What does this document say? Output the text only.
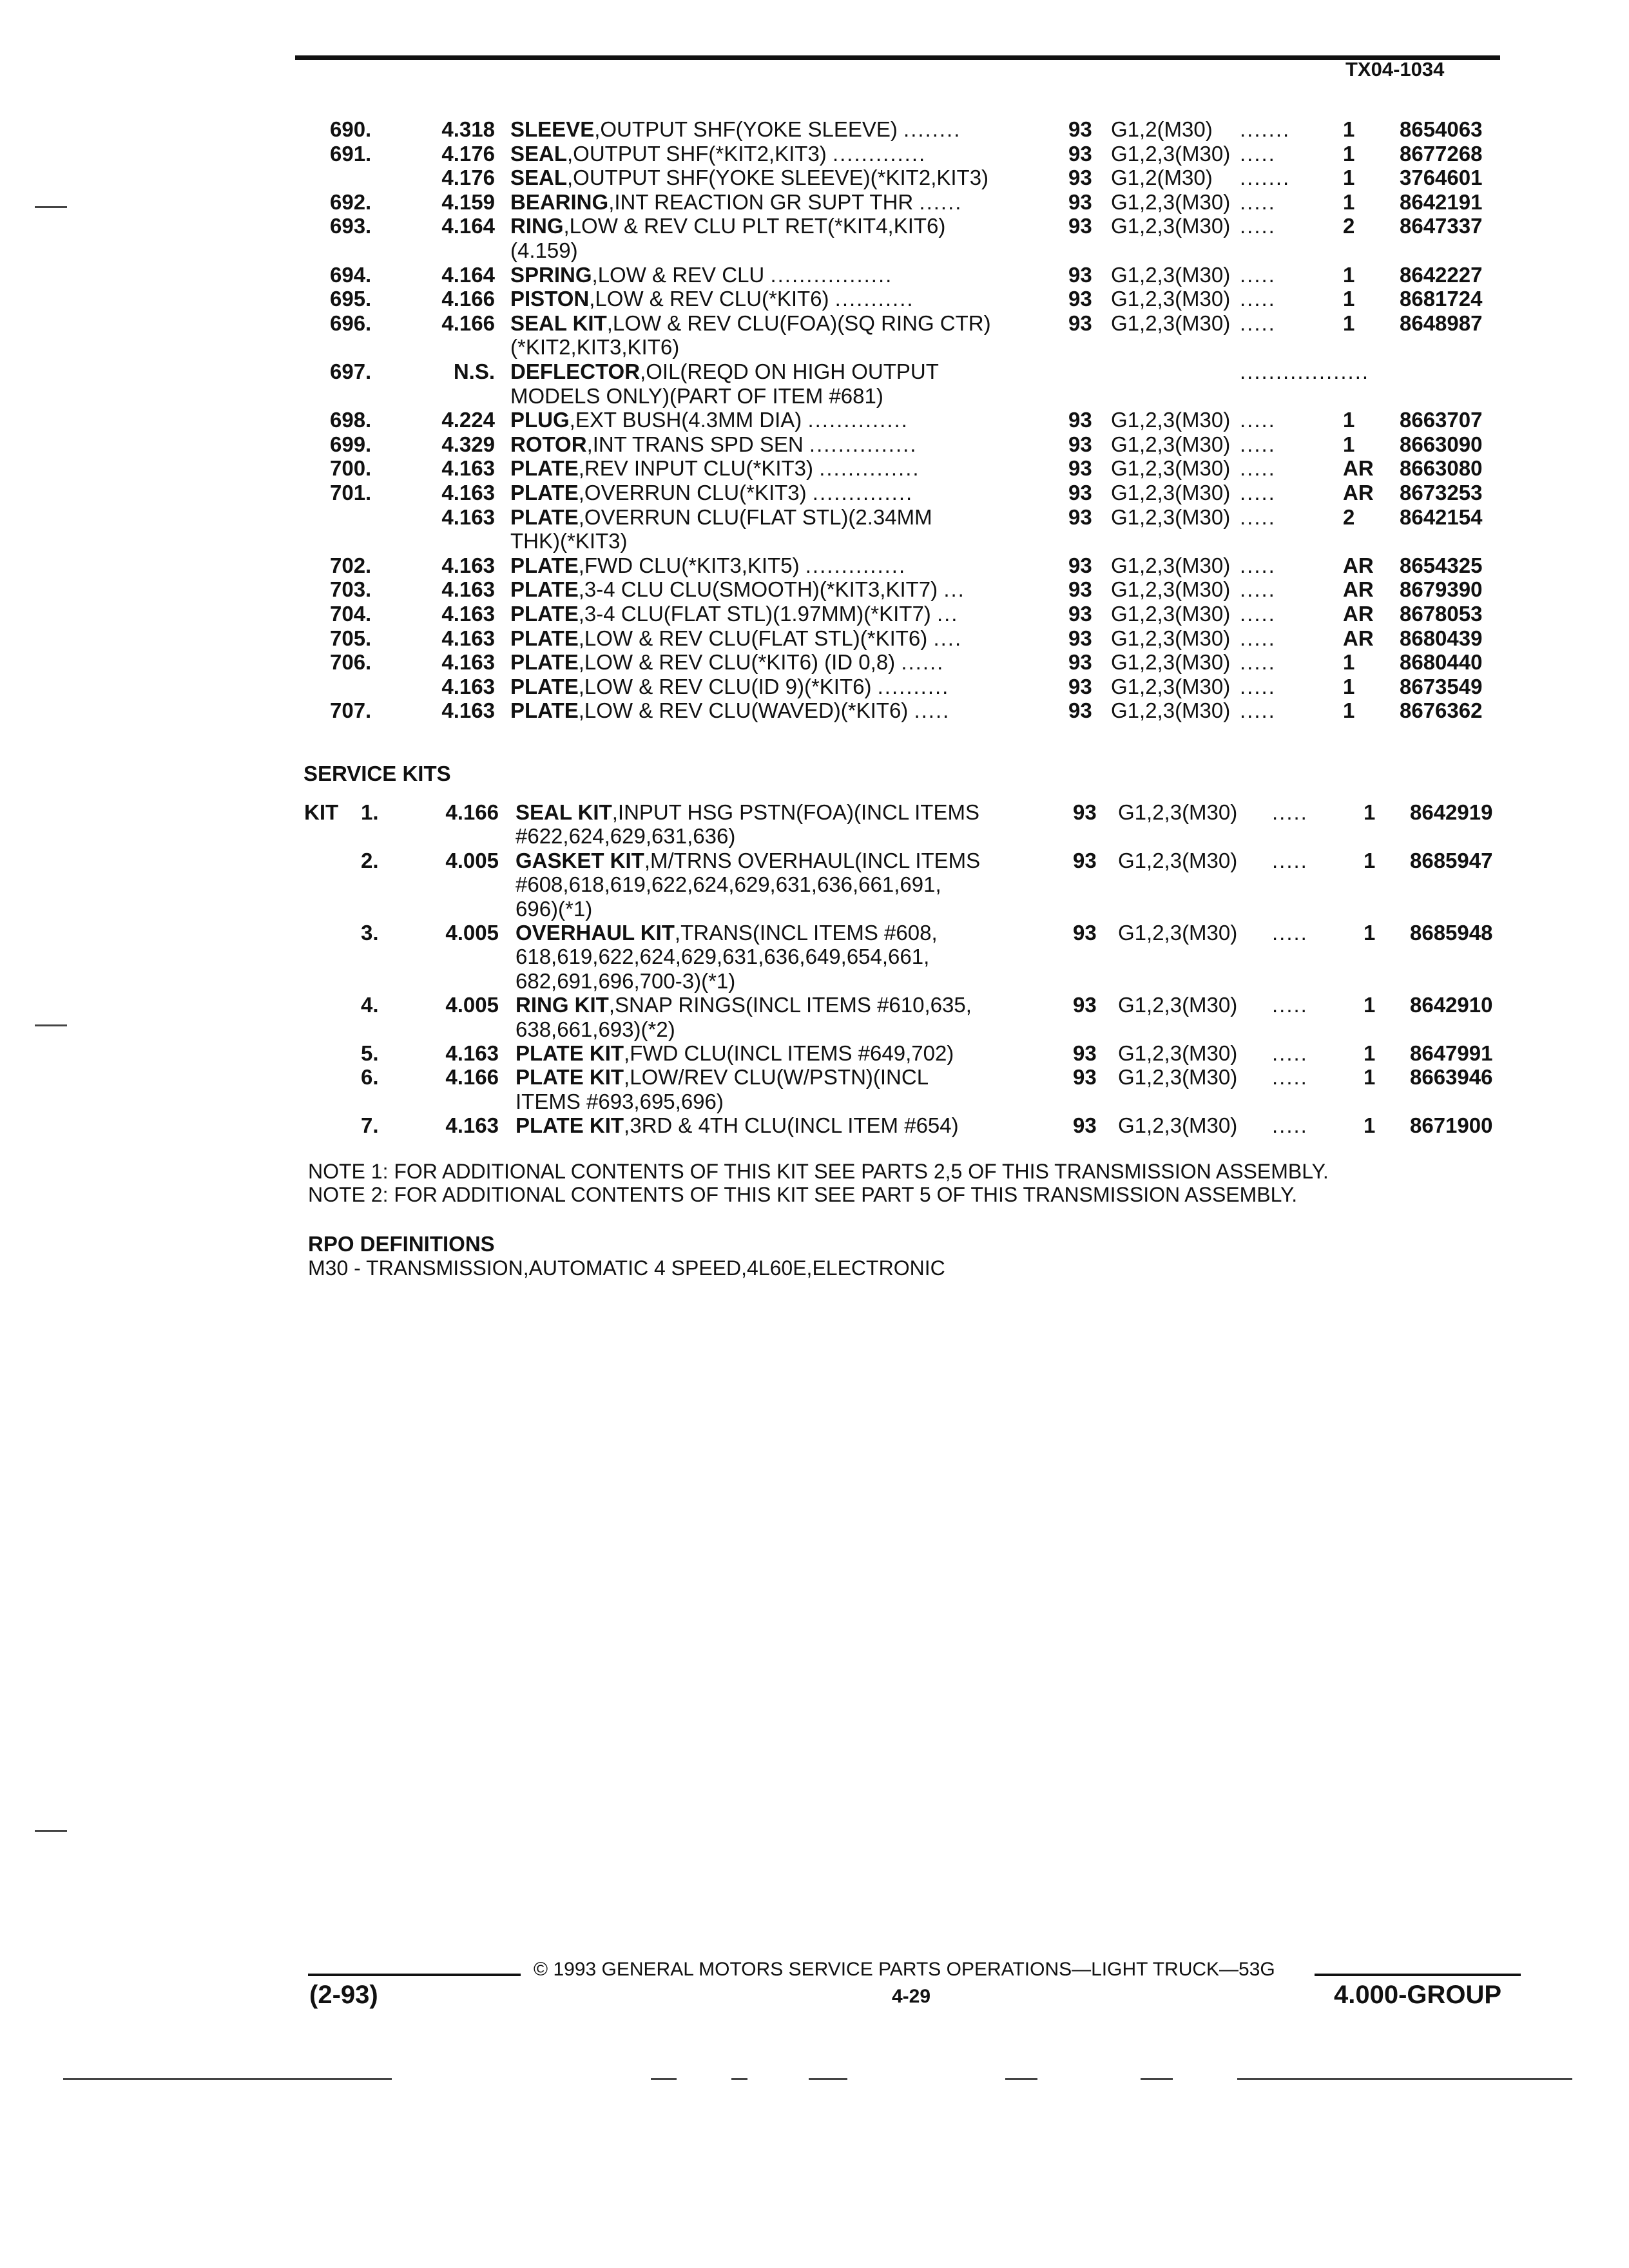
TX04-1034
690.	4.318 SLEEVE,OUTPUT SHF(YOKE SLEEVE) ........	93 G1,2(M30) ....... 1 8654063
691.	4.176 SEAL,OUTPUT SHF(*KIT2,KIT3) .............	93 G1,2,3(M30) .....	1 8677268
4.176 SEAL,OUTPUT SHF(YOKE SLEEVE)(*KIT2,KIT3)	93 G1,2(M30) ....... 1 3764601
692.	4.159 BEARING,INT REACTION GR SUPT THR ......	93 G1,2,3(M30) .....	1 8642191
693.	4.164 RING,LOW & REV CLU PLT RET(*KIT4,KIT6)	93 G1,2,3(M30) .....	2 8647337
(4.159)
694.	4.164 SPRING,LOW & REV CLU .................	93 G1,2,3(M30) .....	1 8642227
695.	4.166 PISTON,LOW & REV CLU(*KIT6) ...........	93 G1,2,3(M30) .....	1 8681724
696.	4.166 SEAL KIT,LOW & REV CLU(FOA)(SQ RING CTR)	93 G1,2,3(M30) .....	1 8648987
(*KIT2,KIT3,KIT6)
697.	N.S. DEFLECTOR,OIL(REQD ON HIGH OUTPUT	..................
MODELS ONLY)(PART OF ITEM #681)
698.	4.224 PLUG,EXT BUSH(4.3MM DIA) ..............	93 G1,2,3(M30) .....	1 8663707
699.	4.329 ROTOR,INT TRANS SPD SEN ...............	93 G1,2,3(M30) .....	1 8663090
700.	4.163 PLATE,REV INPUT CLU(*KIT3) ..............	93 G1,2,3(M30) .....	AR 8663080
701.	4.163 PLATE,OVERRUN CLU(*KIT3) ..............	93 G1,2,3(M30) .....	AR 8673253
4.163 PLATE,OVERRUN CLU(FLAT STL)(2.34MM	93 G1,2,3(M30) .....	2 8642154
THK)(*KIT3)
702.	4.163 PLATE,FWD CLU(*KIT3,KIT5) ..............	93 G1,2,3(M30) .....	AR 8654325
703.	4.163 PLATE,3-4 CLU CLU(SMOOTH)(*KIT3,KIT7) ...	93 G1,2,3(M30) .....	AR 8679390
704.	4.163 PLATE,3-4 CLU(FLAT STL)(1.97MM)(*KIT7) ...	93 G1,2,3(M30) .....	AR 8678053
705.	4.163 PLATE,LOW & REV CLU(FLAT STL)(*KIT6) ....	93 G1,2,3(M30) .....	AR 8680439
706.	4.163 PLATE,LOW & REV CLU(*KIT6) (ID 0,8) ......	93 G1,2,3(M30) .....	1 8680440
4.163 PLATE,LOW & REV CLU(ID 9)(*KIT6) ..........	93 G1,2,3(M30) .....	1 8673549
707.	4.163 PLATE,LOW & REV CLU(WAVED)(*KIT6) .....	93 G1,2,3(M30) .....	1 8676362
SERVICE KITS
KIT 1.	4.166 SEAL KIT,INPUT HSG PSTN(FOA)(INCL ITEMS	93 G1,2,3(M30) .....	1 8642919
#622,624,629,631,636)
2.	4.005 GASKET KIT,M/TRNS OVERHAUL(INCL ITEMS	93 G1,2,3(M30) .....	1 8685947
#608,618,619,622,624,629,631,636,661,691,
696)(*1)
3.	4.005 OVERHAUL KIT,TRANS(INCL ITEMS #608,	93 G1,2,3(M30) .....	1 8685948
618,619,622,624,629,631,636,649,654,661,
682,691,696,700-3)(*1)
4.	4.005 RING KIT,SNAP RINGS(INCL ITEMS #610,635,	93 G1,2,3(M30) .....	1 8642910
638,661,693)(*2)
5.	4.163 PLATE KIT,FWD CLU(INCL ITEMS #649,702)	93 G1,2,3(M30) .....	1 8647991
6.	4.166 PLATE KIT,LOW/REV CLU(W/PSTN)(INCL	93 G1,2,3(M30) .....	1 8663946
ITEMS #693,695,696)
7.	4.163 PLATE KIT,3RD & 4TH CLU(INCL ITEM #654)	93 G1,2,3(M30) .....	1 8671900
NOTE 1: FOR ADDITIONAL CONTENTS OF THIS KIT SEE PARTS 2,5 OF THIS TRANSMISSION ASSEMBLY.
NOTE 2: FOR ADDITIONAL CONTENTS OF THIS KIT SEE PART 5 OF THIS TRANSMISSION ASSEMBLY.
RPO DEFINITIONS
M30 - TRANSMISSION,AUTOMATIC 4 SPEED,4L60E,ELECTRONIC
© 1993 GENERAL MOTORS SERVICE PARTS OPERATIONS—LIGHT TRUCK—53G
(2-93)	4-29	4.000-GROUP
